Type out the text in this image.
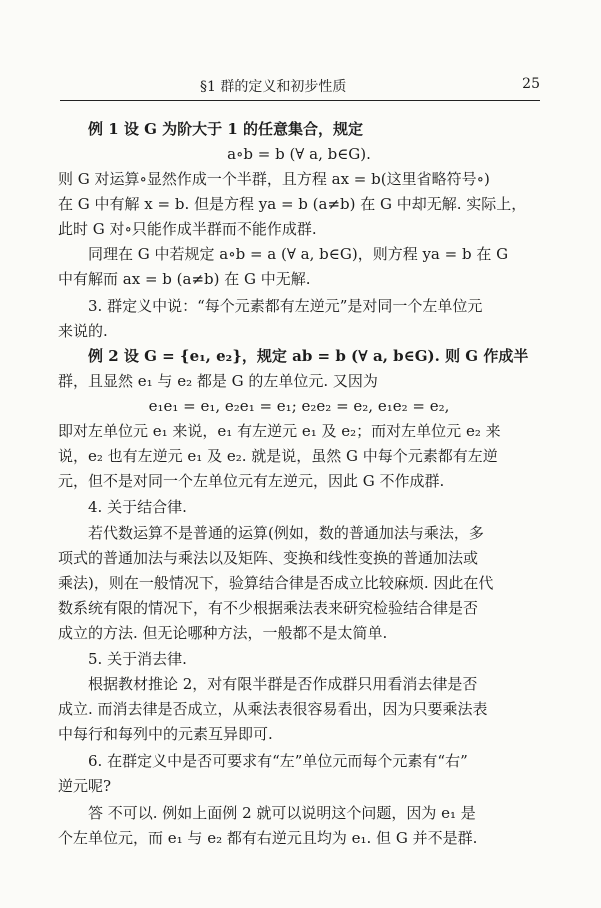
§1 群的定义和初步性质	25
例 1 设 G 为阶大于 1 的任意集合，规定
a∘b = b (∀ a, b∈G).
则 G 对运算∘显然作成一个半群，且方程 ax = b(这里省略符号∘)
在 G 中有解 x = b. 但是方程 ya = b (a≠b) 在 G 中却无解. 实际上，
此时 G 对∘只能作成半群而不能作成群.
同理在 G 中若规定 a∘b = a (∀ a, b∈G)，则方程 ya = b 在 G
中有解而 ax = b (a≠b) 在 G 中无解.
3. 群定义中说：“每个元素都有左逆元”是对同一个左单位元
来说的.
例 2 设 G = {e₁, e₂}，规定 ab = b (∀ a, b∈G). 则 G 作成半
群，且显然 e₁ 与 e₂ 都是 G 的左单位元. 又因为
e₁e₁ = e₁, e₂e₁ = e₁; e₂e₂ = e₂, e₁e₂ = e₂,
即对左单位元 e₁ 来说，e₁ 有左逆元 e₁ 及 e₂；而对左单位元 e₂ 来
说，e₂ 也有左逆元 e₁ 及 e₂. 就是说，虽然 G 中每个元素都有左逆
元，但不是对同一个左单位元有左逆元，因此 G 不作成群.
4. 关于结合律.
若代数运算不是普通的运算(例如，数的普通加法与乘法，多
项式的普通加法与乘法以及矩阵、变换和线性变换的普通加法或
乘法)，则在一般情况下，验算结合律是否成立比较麻烦. 因此在代
数系统有限的情况下，有不少根据乘法表来研究检验结合律是否
成立的方法. 但无论哪种方法，一般都不是太简单.
5. 关于消去律.
根据教材推论 2，对有限半群是否作成群只用看消去律是否
成立. 而消去律是否成立，从乘法表很容易看出，因为只要乘法表
中每行和每列中的元素互异即可.
6. 在群定义中是否可要求有“左”单位元而每个元素有“右”
逆元呢?
答 不可以. 例如上面例 2 就可以说明这个问题，因为 e₁ 是
个左单位元，而 e₁ 与 e₂ 都有右逆元且均为 e₁. 但 G 并不是群.
